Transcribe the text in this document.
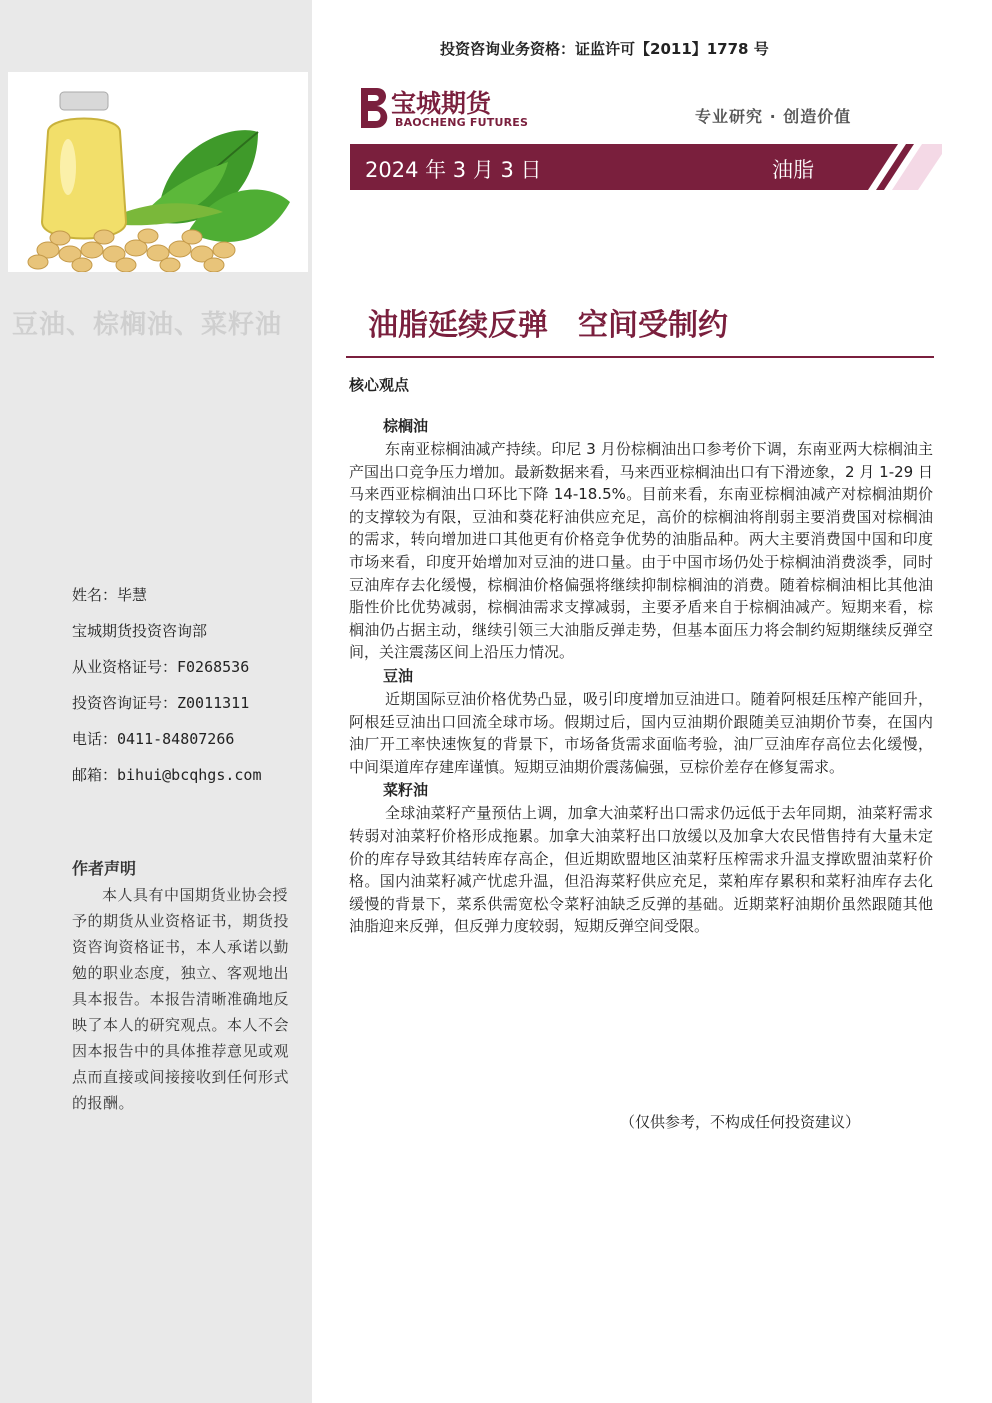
豆油、棕榈油、菜籽油
姓名：毕慧
宝城期货投资咨询部
从业资格证号：F0268536
投资咨询证号：Z0011311
电话：0411-84807266
邮箱：bihui@bcqhgs.com
作者声明
本人具有中国期货业协会授予的期货从业资格证书，期货投资咨询资格证书，本人承诺以勤勉的职业态度，独立、客观地出具本报告。本报告清晰准确地反映了本人的研究观点。本人不会因本报告中的具体推荐意见或观点而直接或间接接收到任何形式的报酬。
投资咨询业务资格：证监许可【2011】1778 号
宝城期货
BAOCHENG FUTURES	专业研究 · 创造价值
2024 年 3 月 3 日	油脂
油脂延续反弹　空间受制约
核心观点
棕榈油

东南亚棕榈油减产持续。印尼 3 月份棕榈油出口参考价下调，东南亚两大棕榈油主产国出口竞争压力增加。最新数据来看，马来西亚棕榈油出口有下滑迹象，2 月 1-29 日马来西亚棕榈油出口环比下降 14-18.5%。目前来看，东南亚棕榈油减产对棕榈油期价的支撑较为有限，豆油和葵花籽油供应充足，高价的棕榈油将削弱主要消费国对棕榈油的需求，转向增加进口其他更有价格竞争优势的油脂品种。两大主要消费国中国和印度市场来看，印度开始增加对豆油的进口量。由于中国市场仍处于棕榈油消费淡季，同时豆油库存去化缓慢，棕榈油价格偏强将继续抑制棕榈油的消费。随着棕榈油相比其他油脂性价比优势减弱，棕榈油需求支撑减弱，主要矛盾来自于棕榈油减产。短期来看，棕榈油仍占据主动，继续引领三大油脂反弹走势，但基本面压力将会制约短期继续反弹空间，关注震荡区间上沿压力情况。

豆油

近期国际豆油价格优势凸显，吸引印度增加豆油进口。随着阿根廷压榨产能回升，阿根廷豆油出口回流全球市场。假期过后，国内豆油期价跟随美豆油期价节奏，在国内油厂开工率快速恢复的背景下，市场备货需求面临考验，油厂豆油库存高位去化缓慢，中间渠道库存建库谨慎。短期豆油期价震荡偏强，豆棕价差存在修复需求。

菜籽油

全球油菜籽产量预估上调，加拿大油菜籽出口需求仍远低于去年同期，油菜籽需求转弱对油菜籽价格形成拖累。加拿大油菜籽出口放缓以及加拿大农民惜售持有大量未定价的库存导致其结转库存高企，但近期欧盟地区油菜籽压榨需求升温支撑欧盟油菜籽价格。国内油菜籽减产忧虑升温，但沿海菜籽供应充足，菜粕库存累积和菜籽油库存去化缓慢的背景下，菜系供需宽松令菜籽油缺乏反弹的基础。近期菜籽油期价虽然跟随其他油脂迎来反弹，但反弹力度较弱，短期反弹空间受限。

（仅供参考，不构成任何投资建议）
